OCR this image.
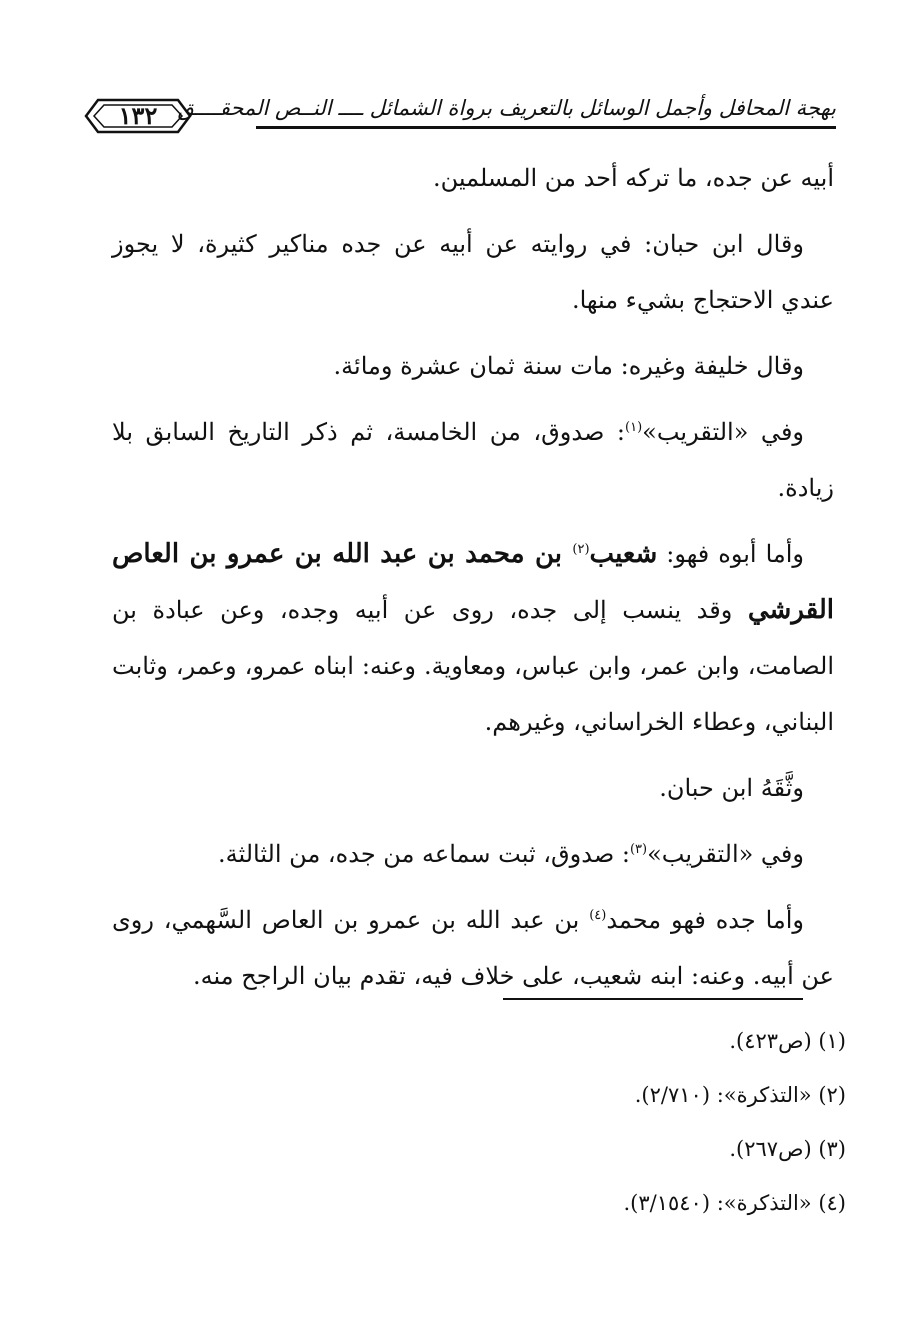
بهجة المحافل وأجمل الوسائل بالتعريف برواة الشمائل ــــ النــص المحقــــق
١٣٢

أبيه عن جده، ما تركه أحد من المسلمين.

وقال ابن حبان: في روايته عن أبيه عن جده مناكير كثيرة، لا يجوز عندي الاحتجاج بشيء منها.

وقال خليفة وغيره: مات سنة ثمان عشرة ومائة.

وفي «التقريب»$^{(١)}$: صدوق، من الخامسة، ثم ذكر التاريخ السابق بلا زيادة.

وأما أبوه فهو: شعيب$^{(٢)}$ بن محمد بن عبد الله بن عمرو بن العاص القرشي وقد ينسب إلى جده، روى عن أبيه وجده، وعن عبادة بن الصامت، وابن عمر، وابن عباس، ومعاوية. وعنه: ابناه عمرو، وعمر، وثابت البناني، وعطاء الخراساني، وغيرهم.

وثَّقَهُ ابن حبان.

وفي «التقريب»$^{(٣)}$: صدوق، ثبت سماعه من جده، من الثالثة.

وأما جده فهو محمد$^{(٤)}$ بن عبد الله بن عمرو بن العاص السَّهمي، روى عن أبيه. وعنه: ابنه شعيب، على خلاف فيه، تقدم بيان الراجح منه.

(١) (ص٤٢٣).

(٢) «التذكرة»: (٢/٧١٠).

(٣) (ص٢٦٧).

(٤) «التذكرة»: (٣/١٥٤٠).
